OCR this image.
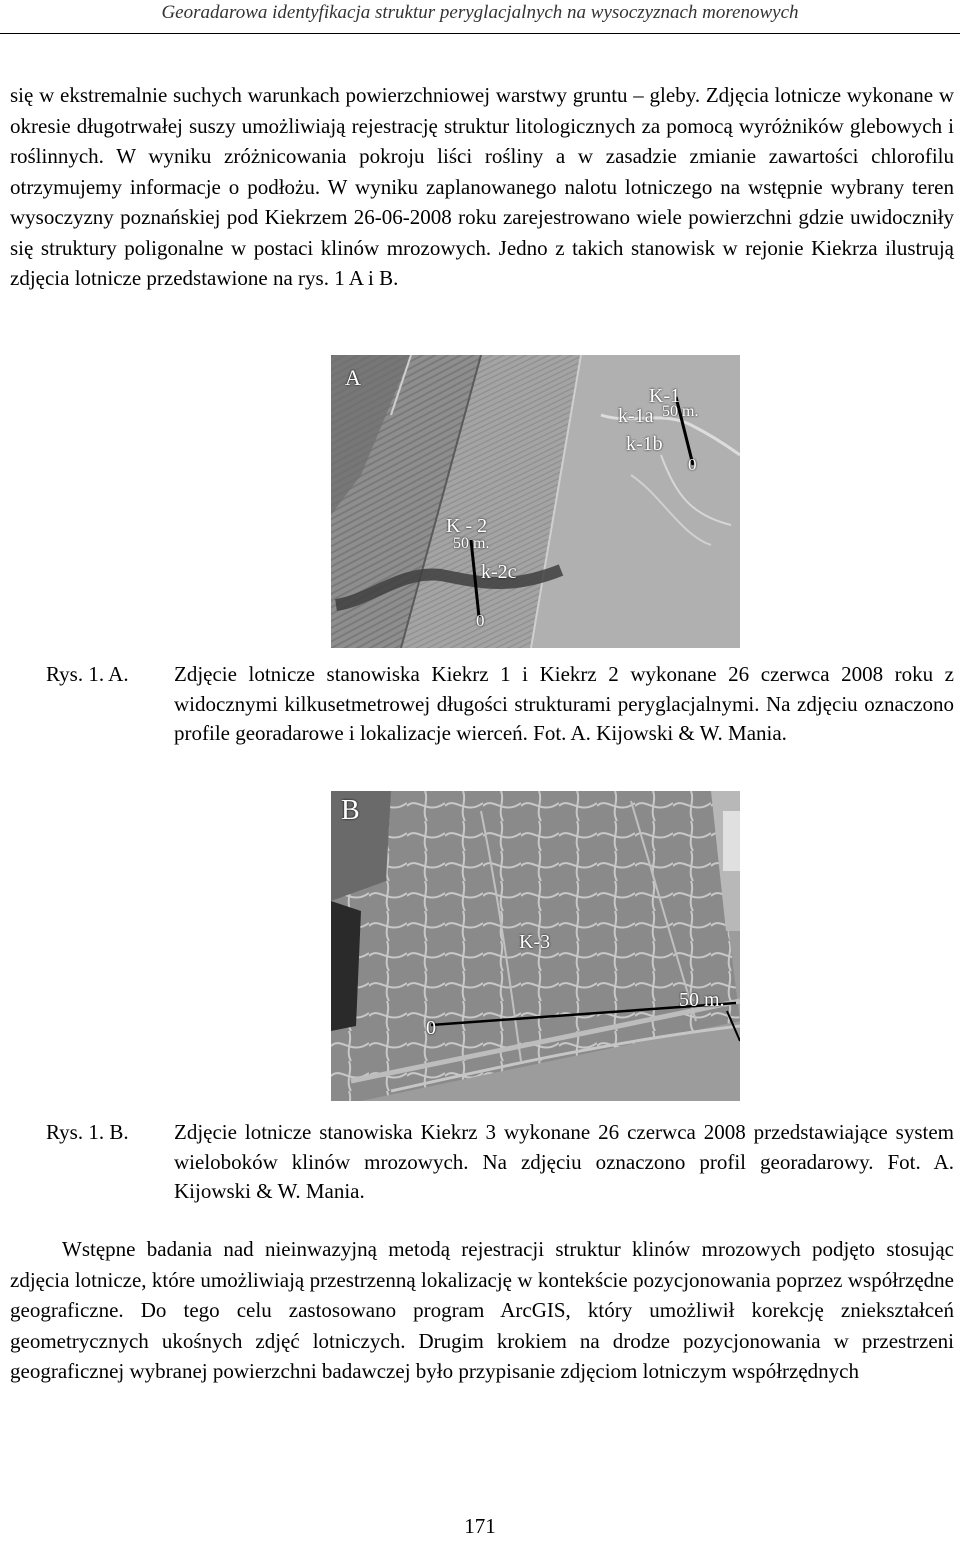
Georadarowa identyfikacja struktur peryglacjalnych na wysoczyznach morenowych

się w ekstremalnie suchych warunkach powierzchniowej warstwy gruntu – gleby. Zdjęcia lotnicze wykonane w okresie długotrwałej suszy umożliwiają rejestrację struktur litologicznych za pomocą wyróżników glebowych i roślinnych. W wyniku zróżnicowania pokroju liści rośliny a w zasadzie zmianie zawartości chlorofilu otrzymujemy informacje o podłożu. W wyniku zaplanowanego nalotu lotniczego na wstępnie wybrany teren wysoczyzny poznańskiej pod Kiekrzem 26-06-2008 roku zarejestrowano wiele powierzchni gdzie uwidoczniły się struktury poligonalne w postaci klinów mrozowych. Jedno z takich stanowisk w rejonie Kiekrza ilustrują zdjęcia lotnicze przedstawione na rys. 1 A i B.

A
K-1
k-1a 50 m.
k-1b
0
K - 2
50 m.
k-2c
0
Rys. 1. A. Zdjęcie lotnicze stanowiska Kiekrz 1 i Kiekrz 2 wykonane 26 czerwca 2008 roku z widocznymi kilkusetmetrowej długości strukturami peryglacjalnymi. Na zdjęciu oznaczono profile georadarowe i lokalizacje wierceń. Fot. A. Kijowski & W. Mania.
B
K-3
50 m.
0
Rys. 1. B. Zdjęcie lotnicze stanowiska Kiekrz 3 wykonane 26 czerwca 2008 przedstawiające system wieloboków klinów mrozowych. Na zdjęciu oznaczono profil georadarowy. Fot. A. Kijowski & W. Mania.

Wstępne badania nad nieinwazyjną metodą rejestracji struktur klinów mrozowych podjęto stosując zdjęcia lotnicze, które umożliwiają przestrzenną lokalizację w kontekście pozycjonowania poprzez współrzędne geograficzne. Do tego celu zastosowano program ArcGIS, który umożliwił korekcję zniekształceń geometrycznych ukośnych zdjęć lotniczych. Drugim krokiem na drodze pozycjonowania w przestrzeni geograficznej wybranej powierzchni badawczej było przypisanie zdjęciom lotniczym współrzędnych

171
